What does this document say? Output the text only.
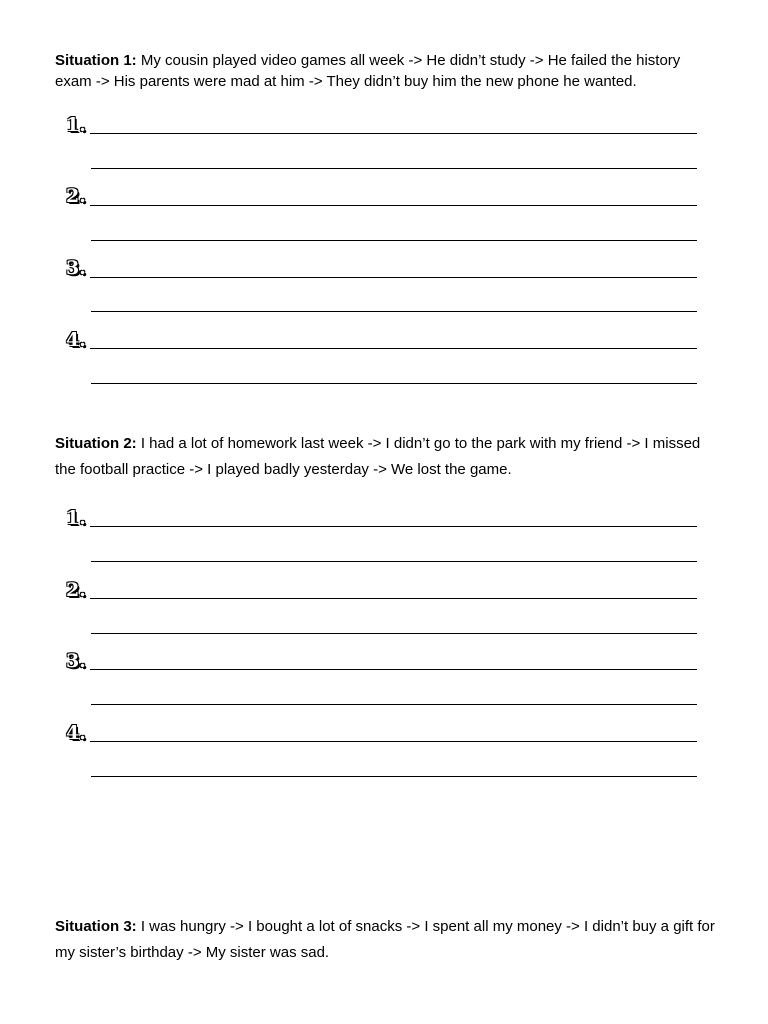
Situation 1: My cousin played video games all week -> He didn’t study -> He failed the history exam -> His parents were mad at him -> They didn’t buy him the new phone he wanted.

1.
2.
3.
4.

Situation 2: I had a lot of homework last week -> I didn’t go to the park with my friend -> I missed the football practice -> I played badly yesterday -> We lost the game.

1.
2.
3.
4.

Situation 3: I was hungry -> I bought a lot of snacks -> I spent all my money -> I didn’t buy a gift for my sister’s birthday -> My sister was sad.
